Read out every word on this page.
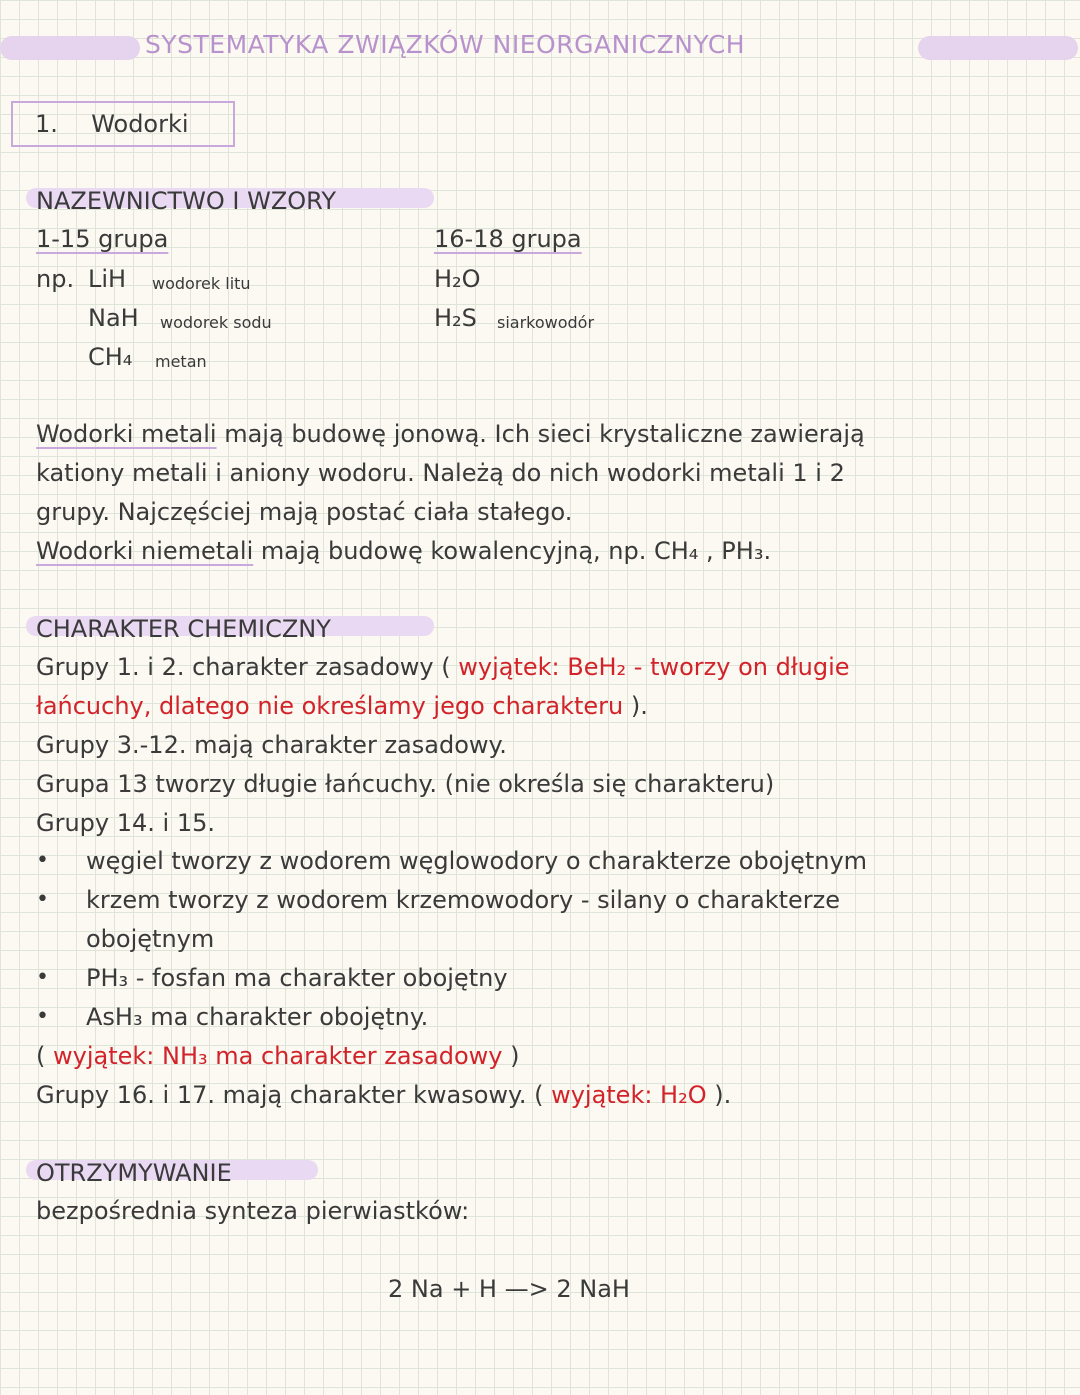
SYSTEMATYKA ZWIĄZKÓW NIEORGANICZNYCH
1. Wodorki
NAZEWNICTWO I WZORY
1-15 grupa	16-18 grupa
np. LiH wodorek litu
NaH wodorek sodu
CH₄ metan
H₂O
H₂S siarkowodór
Wodorki metali mają budowę jonową. Ich sieci krystaliczne zawierają
kationy metali i aniony wodoru. Należą do nich wodorki metali 1 i 2
grupy. Najczęściej mają postać ciała stałego.
Wodorki niemetali mają budowę kowalencyjną, np. CH₄ , PH₃.
CHARAKTER CHEMICZNY
Grupy 1. i 2. charakter zasadowy ( wyjątek: BeH₂ - tworzy on długie
łańcuchy, dlatego nie określamy jego charakteru ).
Grupy 3.-12. mają charakter zasadowy.
Grupa 13 tworzy długie łańcuchy. (nie określa się charakteru)
Grupy 14. i 15.
• węgiel tworzy z wodorem węglowodory o charakterze obojętnym
• krzem tworzy z wodorem krzemowodory - silany o charakterze
obojętnym
• PH₃ - fosfan ma charakter obojętny
• AsH₃ ma charakter obojętny.
( wyjątek: NH₃ ma charakter zasadowy )
Grupy 16. i 17. mają charakter kwasowy. ( wyjątek: H₂O ).
OTRZYMYWANIE
bezpośrednia synteza pierwiastków:
2 Na + H —> 2 NaH
